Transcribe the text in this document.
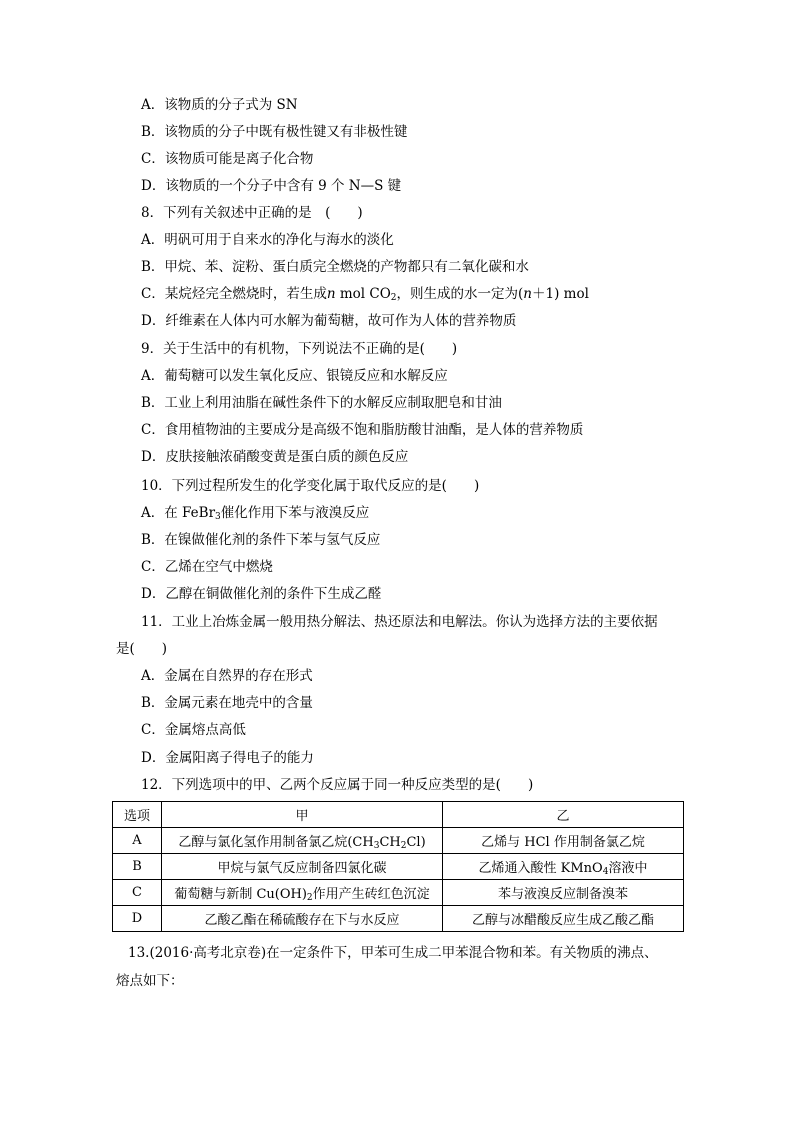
A．该物质的分子式为 SN
B．该物质的分子中既有极性键又有非极性键
C．该物质可能是离子化合物
D．该物质的一个分子中含有 9 个 N—S 键
8．下列有关叙述中正确的是　(　　)
A．明矾可用于自来水的净化与海水的淡化
B．甲烷、苯、淀粉、蛋白质完全燃烧的产物都只有二氧化碳和水
C．某烷烃完全燃烧时，若生成n mol $CO_2$，则生成的水一定为(n＋1) mol
D．纤维素在人体内可水解为葡萄糖，故可作为人体的营养物质
9．关于生活中的有机物，下列说法不正确的是(　　)
A．葡萄糖可以发生氧化反应、银镜反应和水解反应
B．工业上利用油脂在碱性条件下的水解反应制取肥皂和甘油
C．食用植物油的主要成分是高级不饱和脂肪酸甘油酯，是人体的营养物质
D．皮肤接触浓硝酸变黄是蛋白质的颜色反应
10．下列过程所发生的化学变化属于取代反应的是(　　)
A．在 FeBr$_3$催化作用下苯与液溴反应
B．在镍做催化剂的条件下苯与氢气反应
C．乙烯在空气中燃烧
D．乙醇在铜做催化剂的条件下生成乙醛
11．工业上冶炼金属一般用热分解法、热还原法和电解法。你认为选择方法的主要依据
是(　　)
A．金属在自然界的存在形式
B．金属元素在地壳中的含量
C．金属熔点高低
D．金属阳离子得电子的能力
12．下列选项中的甲、乙两个反应属于同一种反应类型的是(　　)
选项	甲	乙
A	乙醇与氯化氢作用制备氯乙烷$(CH_3CH_2Cl)$	乙烯与 HCl 作用制备氯乙烷
B	甲烷与氯气反应制备四氯化碳	乙烯通入酸性 KMnO$_4$溶液中
C	葡萄糖与新制 $Cu(OH)_2$作用产生砖红色沉淀	苯与液溴反应制备溴苯
D	乙酸乙酯在稀硫酸存在下与水反应	乙醇与冰醋酸反应生成乙酸乙酯
13.(2016·高考北京卷)在一定条件下，甲苯可生成二甲苯混合物和苯。有关物质的沸点、
熔点如下：
